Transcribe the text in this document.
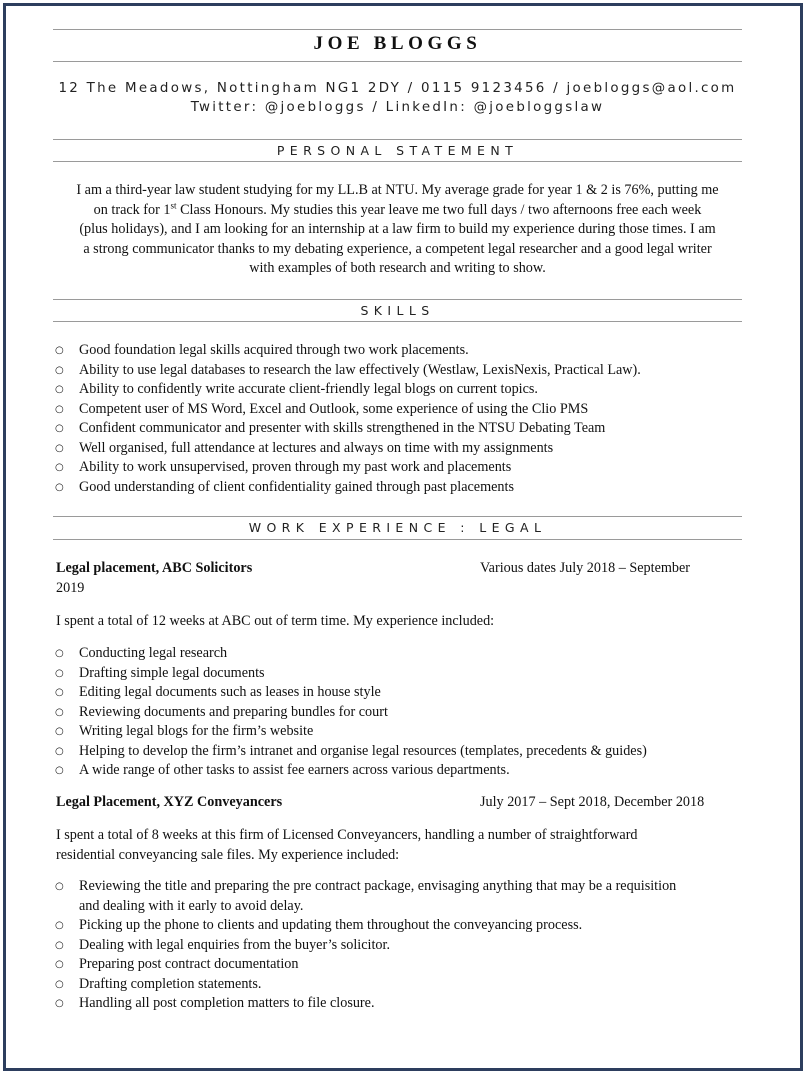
JOE BLOGGS
12 The Meadows, Nottingham NG1 2DY / 0115 9123456 / joebloggs@aol.com
Twitter: @joebloggs / LinkedIn: @joebloggslaw
PERSONAL STATEMENT
I am a third-year law student studying for my LL.B at NTU. My average grade for year 1 & 2 is 76%, putting me
on track for 1st Class Honours. My studies this year leave me two full days / two afternoons free each week
(plus holidays), and I am looking for an internship at a law firm to build my experience during those times. I am
a strong communicator thanks to my debating experience, a competent legal researcher and a good legal writer
with examples of both research and writing to show.
SKILLS
○ Good foundation legal skills acquired through two work placements.
○ Ability to use legal databases to research the law effectively (Westlaw, LexisNexis, Practical Law).
○ Ability to confidently write accurate client-friendly legal blogs on current topics.
○ Competent user of MS Word, Excel and Outlook, some experience of using the Clio PMS
○ Confident communicator and presenter with skills strengthened in the NTSU Debating Team
○ Well organised, full attendance at lectures and always on time with my assignments
○ Ability to work unsupervised, proven through my past work and placements
○ Good understanding of client confidentiality gained through past placements
WORK EXPERIENCE : LEGAL
Legal placement, ABC Solicitors	Various dates July 2018 – September
2019
I spent a total of 12 weeks at ABC out of term time. My experience included:
○ Conducting legal research
○ Drafting simple legal documents
○ Editing legal documents such as leases in house style
○ Reviewing documents and preparing bundles for court
○ Writing legal blogs for the firm’s website
○ Helping to develop the firm’s intranet and organise legal resources (templates, precedents & guides)
○ A wide range of other tasks to assist fee earners across various departments.
Legal Placement, XYZ Conveyancers	July 2017 – Sept 2018, December 2018
I spent a total of 8 weeks at this firm of Licensed Conveyancers, handling a number of straightforward
residential conveyancing sale files. My experience included:
○ Reviewing the title and preparing the pre contract package, envisaging anything that may be a requisition
and dealing with it early to avoid delay.
○ Picking up the phone to clients and updating them throughout the conveyancing process.
○ Dealing with legal enquiries from the buyer’s solicitor.
○ Preparing post contract documentation
○ Drafting completion statements.
○ Handling all post completion matters to file closure.
